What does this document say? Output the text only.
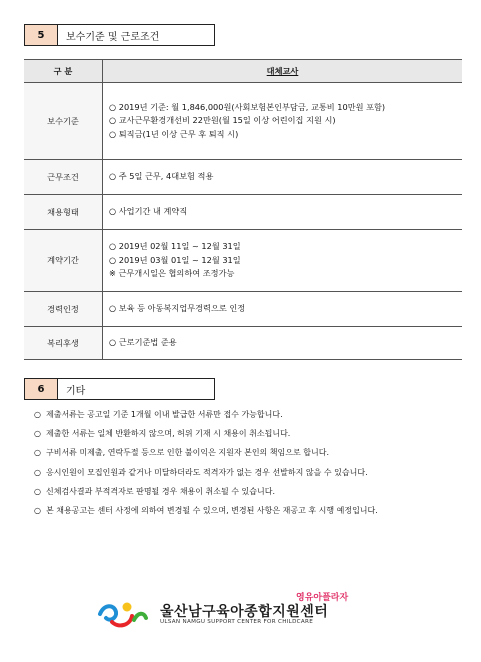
5	보수기준 및 근로조건
구 분	대체교사
보수기준	○ 2019년 기준: 월 1,846,000원(사회보험본인부담금, 교통비 10만원 포함)
○ 교사근무환경개선비 22만원(월 15일 이상 어린이집 지원 시)
○ 퇴직금(1년 이상 근무 후 퇴직 시)

근무조건	○ 주 5일 근무, 4대보험 적용

채용형태	○ 사업기간 내 계약직

계약기간	○ 2019년 02월 11일 ~ 12월 31일
○ 2019년 03월 01일 ~ 12월 31일
※ 근무개시일은 협의하여 조정가능

경력인정	○ 보육 등 아동복지업무경력으로 인정

복리후생	○ 근로기준법 준용
6	기타
○ 제출서류는 공고일 기준 1개월 이내 발급한 서류만 접수 가능합니다.
○ 제출한 서류는 일체 반환하지 않으며, 허위 기재 시 채용이 취소됩니다.
○ 구비서류 미제출, 연락두절 등으로 인한 불이익은 지원자 본인의 책임으로 합니다.
○ 응시인원이 모집인원과 같거나 미달하더라도 적격자가 없는 경우 선발하지 않을 수 있습니다.
○ 신체검사결과 부적격자로 판명될 경우 채용이 취소될 수 있습니다.
○ 본 채용공고는 센터 사정에 의하여 변경될 수 있으며, 변경된 사항은 재공고 후 시행 예정입니다.
영유아플라자
울산남구육아종합지원센터
ULSAN NAMGU SUPPORT CENTER FOR CHILDCARE
